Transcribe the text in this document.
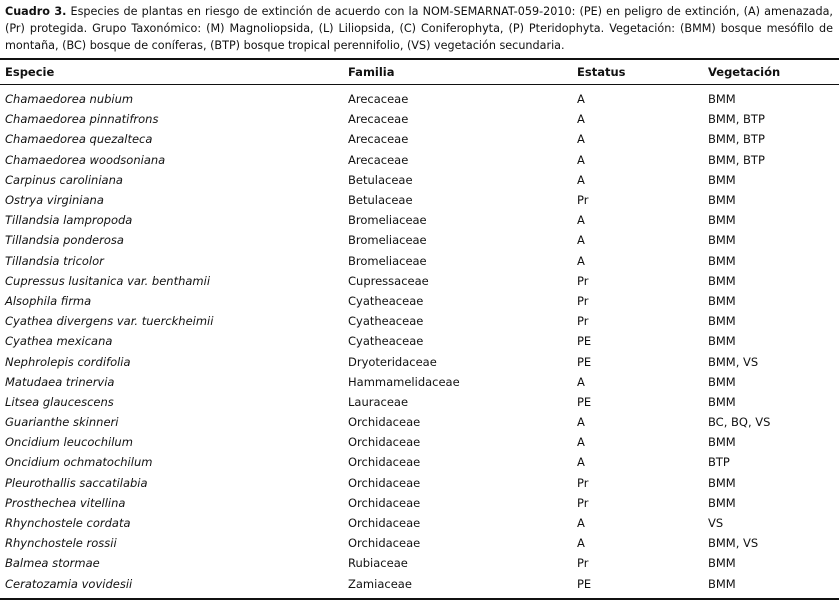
Cuadro 3. Especies de plantas en riesgo de extinción de acuerdo con la NOM-SEMARNAT-059-2010: (PE) en peligro de extinción, (A) amenazada, (Pr) protegida. Grupo Taxonómico: (M) Magnoliopsida, (L) Liliopsida, (C) Coniferophyta, (P) Pteridophyta. Vegetación: (BMM) bosque mesófilo de montaña, (BC) bosque de coníferas, (BTP) bosque tropical perennifolio, (VS) vegetación secundaria.
Especie	Familia	Estatus	Vegetación
Chamaedorea nubium	Arecaceae	A	BMM
Chamaedorea pinnatifrons	Arecaceae	A	BMM, BTP
Chamaedorea quezalteca	Arecaceae	A	BMM, BTP
Chamaedorea woodsoniana	Arecaceae	A	BMM, BTP
Carpinus caroliniana	Betulaceae	A	BMM
Ostrya virginiana	Betulaceae	Pr	BMM
Tillandsia lampropoda	Bromeliaceae	A	BMM
Tillandsia ponderosa	Bromeliaceae	A	BMM
Tillandsia tricolor	Bromeliaceae	A	BMM
Cupressus lusitanica var. benthamii	Cupressaceae	Pr	BMM
Alsophila firma	Cyatheaceae	Pr	BMM
Cyathea divergens var. tuerckheimii	Cyatheaceae	Pr	BMM
Cyathea mexicana	Cyatheaceae	PE	BMM
Nephrolepis cordifolia	Dryoteridaceae	PE	BMM, VS
Matudaea trinervia	Hammamelidaceae	A	BMM
Litsea glaucescens	Lauraceae	PE	BMM
Guarianthe skinneri	Orchidaceae	A	BC, BQ, VS
Oncidium leucochilum	Orchidaceae	A	BMM
Oncidium ochmatochilum	Orchidaceae	A	BTP
Pleurothallis saccatilabia	Orchidaceae	Pr	BMM
Prosthechea vitellina	Orchidaceae	Pr	BMM
Rhynchostele cordata	Orchidaceae	A	VS
Rhynchostele rossii	Orchidaceae	A	BMM, VS
Balmea stormae	Rubiaceae	Pr	BMM
Ceratozamia vovidesii	Zamiaceae	PE	BMM
